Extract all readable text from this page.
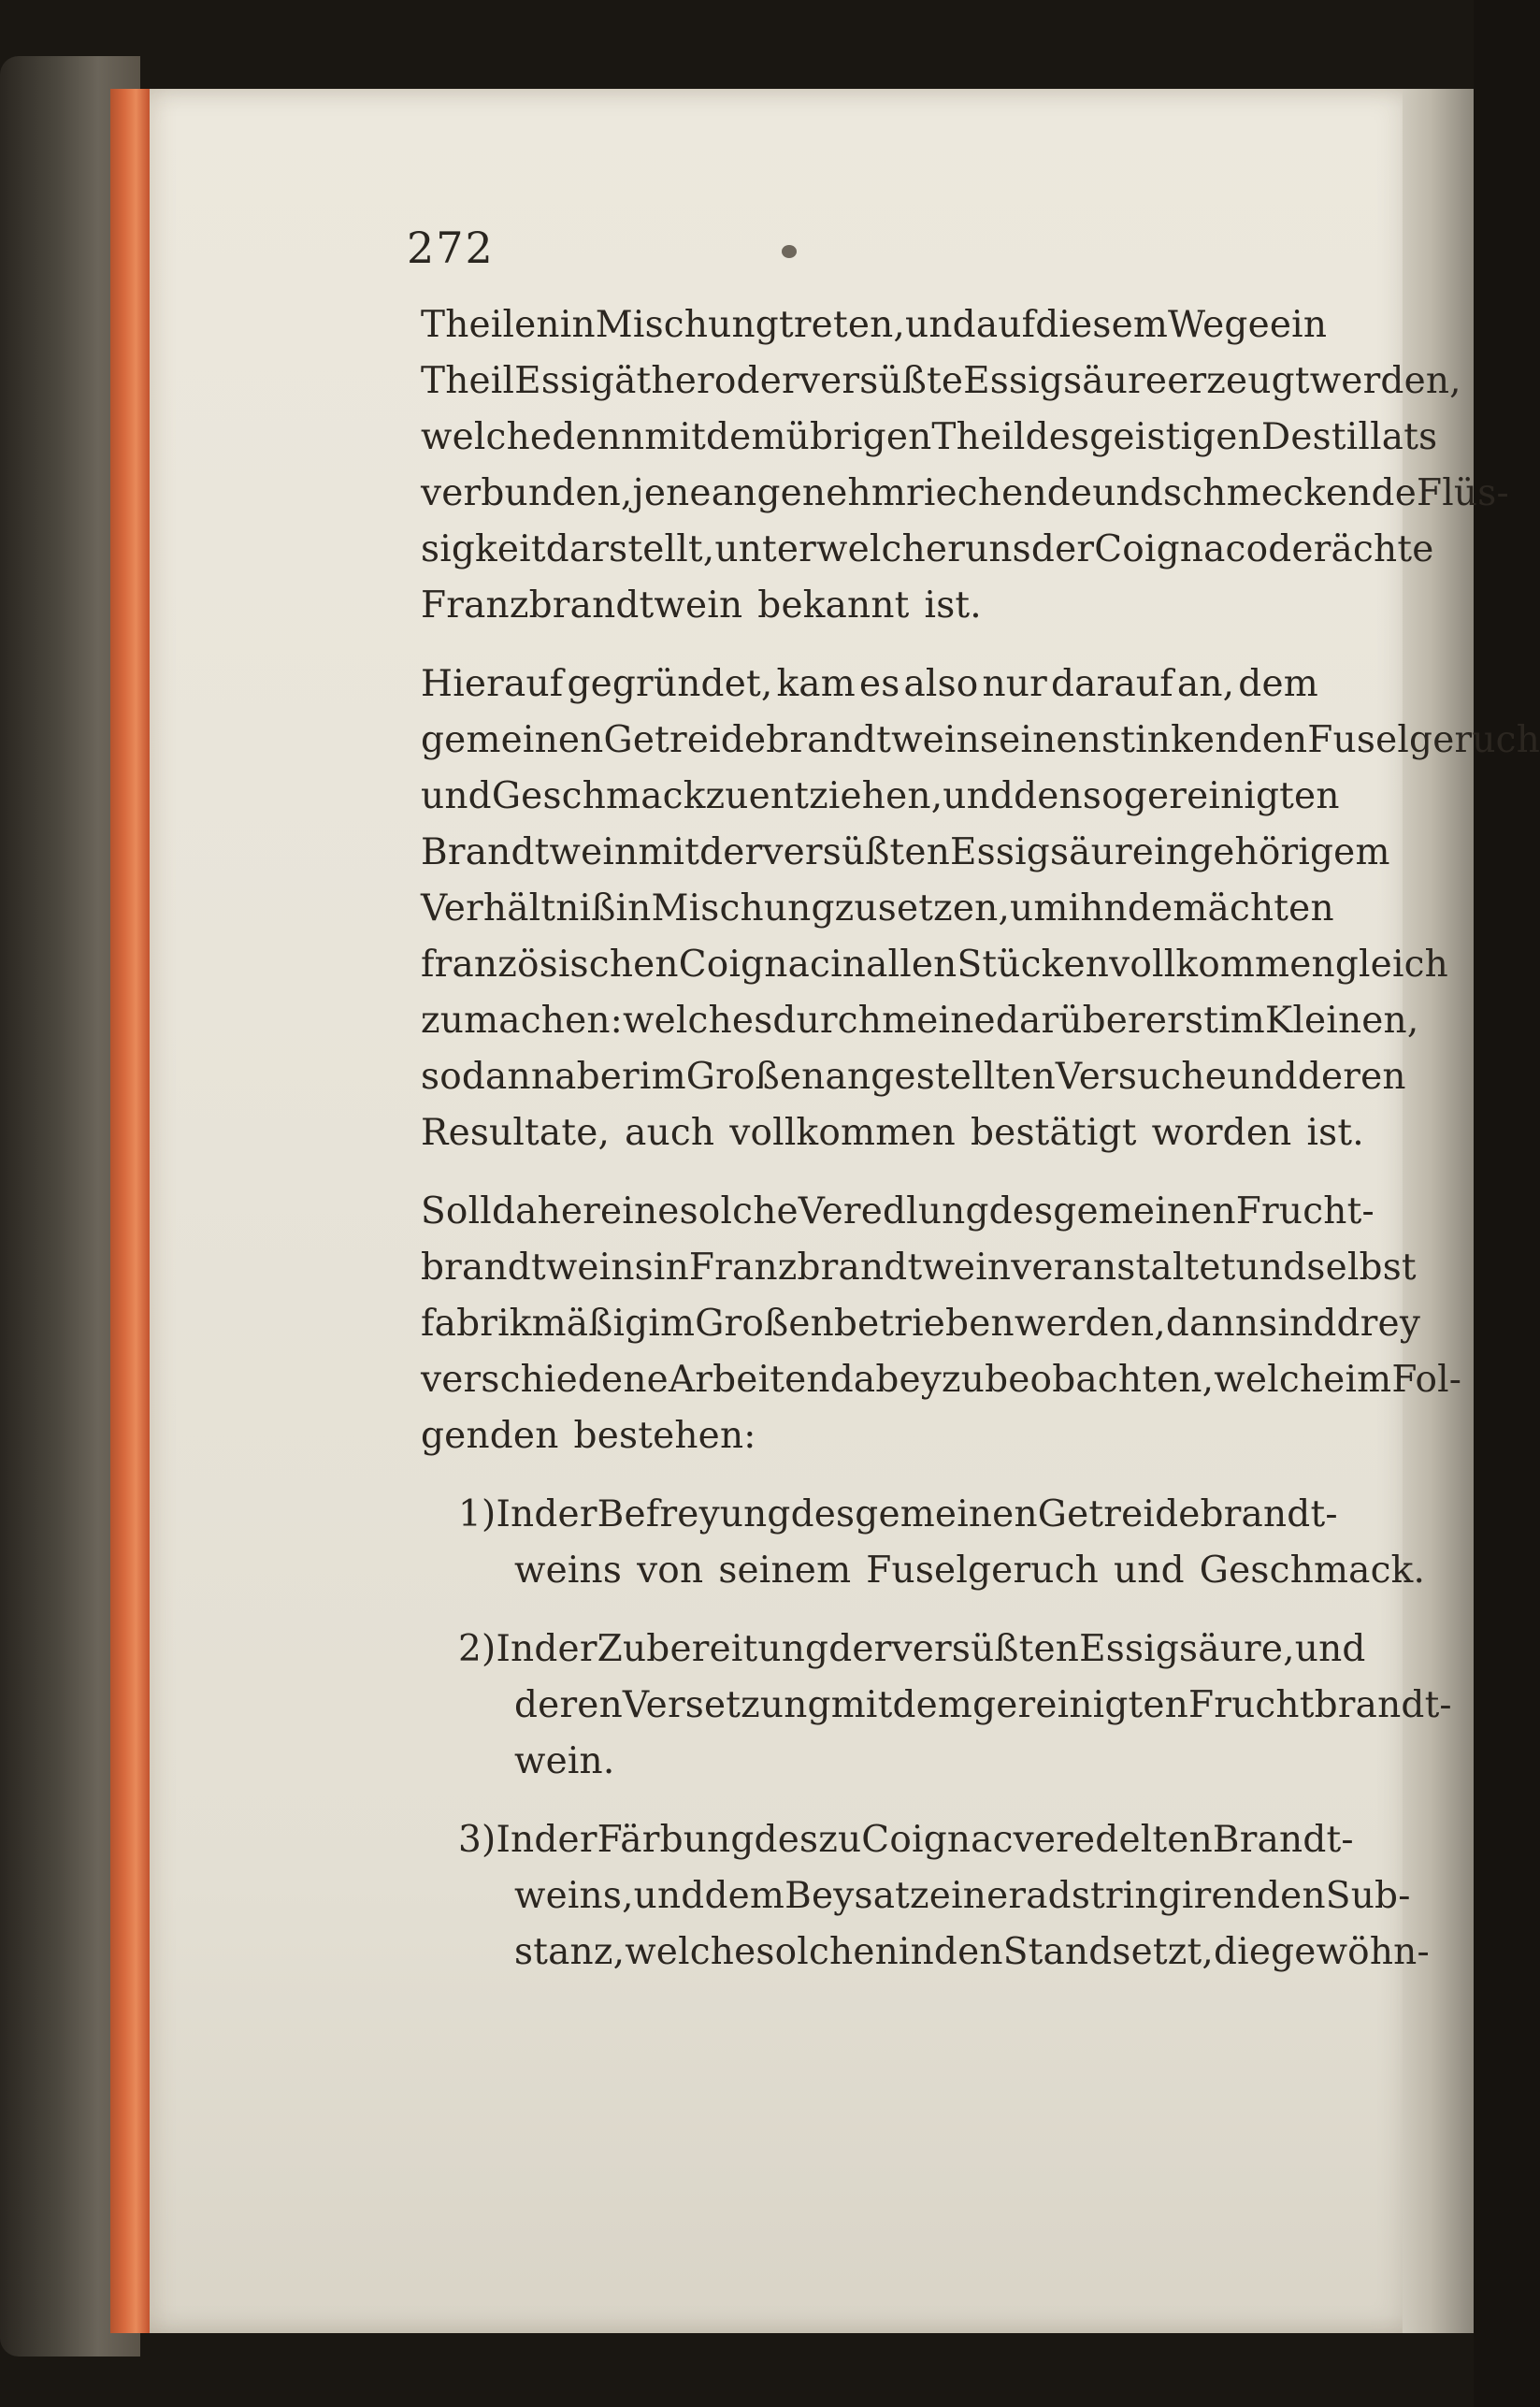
272
Theilen in Mischung treten, und auf diesem Wege ein
Theil Essigäther oder versüßte Essigsäure erzeugt werden,
welche denn mit dem übrigen Theil des geistigen Destillats
verbunden, jene angenehm riechende und schmeckende Flüs-
sigkeit darstellt, unter welcher uns der Coignac oder ächte
Franzbrandtwein bekannt ist.
Hierauf gegründet, kam es also nur darauf an, dem
gemeinen Getreidebrandtwein seinen stinkenden Fuselgeruch
und Geschmack zu entziehen, und den so gereinigten
Brandtwein mit der versüßten Essigsäure in gehörigem
Verhältniß in Mischung zu setzen, um ihn dem ächten
französischen Coignac in allen Stücken vollkommen gleich
zu machen: welches durch meine darüber erst im Kleinen,
sodann aber im Großen angestellten Versuche und deren
Resultate, auch vollkommen bestätigt worden ist.
Soll daher eine solche Veredlung des gemeinen Frucht-
brandtweins in Franzbrandtwein veranstaltet und selbst
fabrikmäßig im Großen betrieben werden, dann sind drey
verschiedene Arbeiten dabey zu beobachten, welche im Fol-
genden bestehen:
1) In der Befreyung des gemeinen Getreidebrandt-
weins von seinem Fuselgeruch und Geschmack.
2) In der Zubereitung der versüßten Essigsäure, und
deren Versetzung mit dem gereinigten Fruchtbrandt-
wein.
3) In der Färbung des zu Coignac veredelten Brandt-
weins, und dem Beysatz einer adstringirenden Sub-
stanz, welche solchen in den Stand setzt, die gewöhn-
